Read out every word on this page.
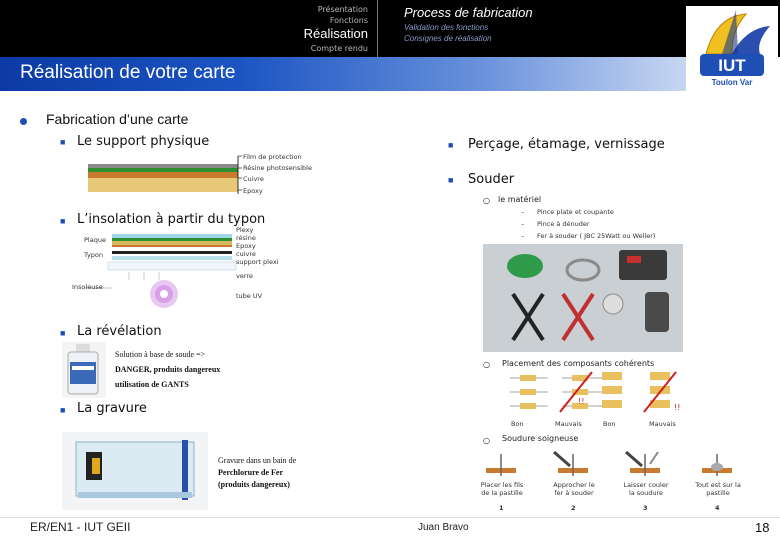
Présentation
Fonctions
Réalisation
Compte rendu
Process de fabrication
Validation des fonctions
Consignes de réalisation
Réalisation de votre carte	IUT
Toulon Var
Fabrication d’une carte
■ Le support physique
Film de protection
Résine photosensible
Cuivre
Epoxy
■ L’insolation à partir du typon
Plaque
Typon
Insoleuse
Plexy
résine
Epoxy
cuivre
support plexi
verre
tube UV
■ La révélation
Solution à base de soude =>
DANGER, produits dangereux
utilisation de GANTS
■ La gravure
Gravure dans un bain de
Perchlorure de Fer
(produits dangereux)
■ Perçage, étamage, vernissage
■ Souder
○ le matériel
– Pince plate et coupante
– Pince à dénuder
– Fer à souder ( JBC 25Watt ou Weller)
○ Placement des composants cohérents
!!
!!
Bon	Mauvais	Bon	Mauvais
○ Soudure soigneuse
Placer les fils de la pastille
Approcher le fer à souder
Laisser couler la soudure
Tout est sur la pastille
1	2	3	4
ER/EN1 - IUT GEII	Juan Bravo	18
